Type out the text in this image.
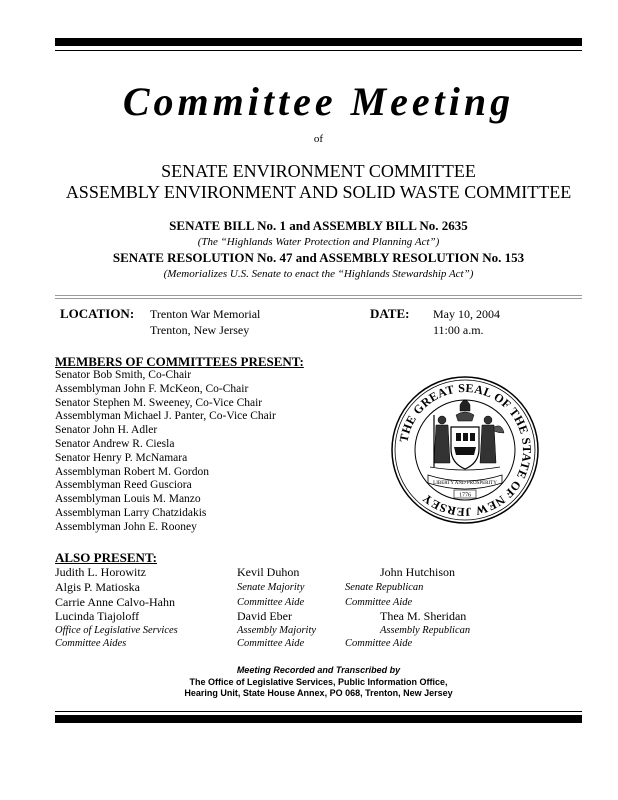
Committee Meeting
of
SENATE ENVIRONMENT COMMITTEE
ASSEMBLY ENVIRONMENT AND SOLID WASTE COMMITTEE
SENATE BILL No. 1 and ASSEMBLY BILL No. 2635
(The “Highlands Water Protection and Planning Act”)
SENATE RESOLUTION No. 47 and ASSEMBLY RESOLUTION No. 153
(Memorializes U.S. Senate to enact the “Highlands Stewardship Act”)
LOCATION: Trenton War Memorial
Trenton, New Jersey
DATE: May 10, 2004
11:00 a.m.
MEMBERS OF COMMITTEES PRESENT:
Senator Bob Smith, Co-Chair
Assemblyman John F. McKeon, Co-Chair
Senator Stephen M. Sweeney, Co-Vice Chair
Assemblyman Michael J. Panter, Co-Vice Chair
Senator John H. Adler
Senator Andrew R. Ciesla
Senator Henry P. McNamara
Assemblyman Robert M. Gordon
Assemblyman Reed Gusciora
Assemblyman Louis M. Manzo
Assemblyman Larry Chatzidakis
Assemblyman John E. Rooney
THE GREAT SEAL OF THE STATE OF NEW JERSEY
LIBERTY AND PROSPERITY
1776
ALSO PRESENT:
Judith L. Horowitz
Algis P. Matioska
Carrie Anne Calvo-Hahn
Lucinda Tiajoloff
Office of Legislative Services
Committee Aides
Kevil Duhon
Senate Majority
Committee Aide
David Eber
Assembly Majority
Committee Aide
John Hutchison
Senate Republican
Committee Aide
Thea M. Sheridan
Assembly Republican
Committee Aide
Meeting Recorded and Transcribed by
The Office of Legislative Services, Public Information Office,
Hearing Unit, State House Annex, PO 068, Trenton, New Jersey
